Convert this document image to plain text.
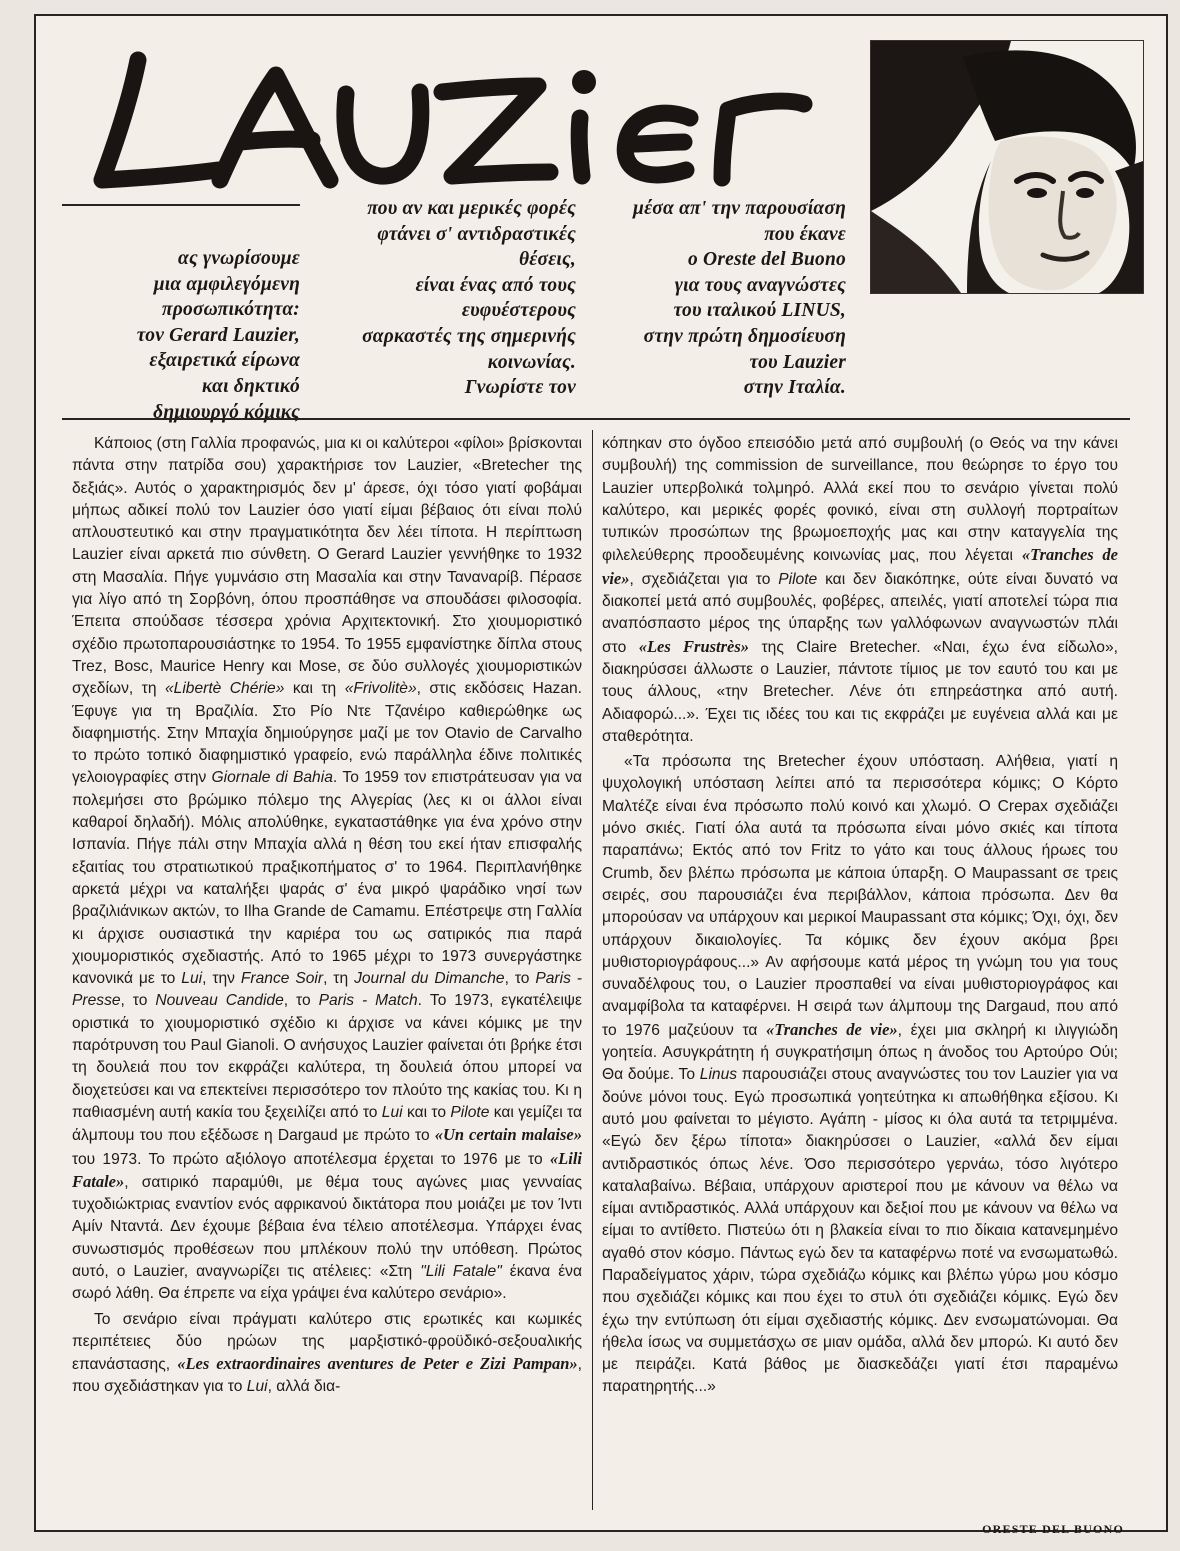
ας γνωρίσουμε
μια αμφιλεγόμενη
προσωπικότητα:
τον Gerard Lauzier,
εξαιρετικά είρωνα
και δηκτικό
δημιουργό κόμικς
που αν και μερικές φορές
φτάνει σ' αντιδραστικές
θέσεις,
είναι ένας από τους
ευφυέστερους
σαρκαστές της σημερινής
κοινωνίας.
Γνωρίστε τον
μέσα απ' την παρουσίαση
που έκανε
ο Oreste del Buono
για τους αναγνώστες
του ιταλικού LINUS,
στην πρώτη δημοσίευση
του Lauzier
στην Ιταλία.

Κάποιος (στη Γαλλία προφανώς, μια κι οι καλύτεροι «φίλοι» βρίσκονται πάντα στην πατρίδα σου) χαρακτήρισε τον Lauzier, «Bretecher της δεξιάς». Αυτός ο χαρακτηρισμός δεν μ' άρεσε, όχι τόσο γιατί φοβάμαι μήπως αδικεί πολύ τον Lauzier όσο γιατί είμαι βέβαιος ότι είναι πολύ απλουστευτικό και στην πραγματικότητα δεν λέει τίποτα. Η περίπτωση Lauzier είναι αρκετά πιο σύνθετη. Ο Gerard Lauzier γεννήθηκε το 1932 στη Μασαλία. Πήγε γυμνάσιο στη Μασαλία και στην Ταναναρίβ. Πέρασε για λίγο από τη Σορβόνη, όπου προσπάθησε να σπουδάσει φιλοσοφία. Έπειτα σπούδασε τέσσερα χρόνια Αρχιτεκτονική. Στο χιουμοριστικό σχέδιο πρωτοπαρουσιάστηκε το 1954. Το 1955 εμφανίστηκε δίπλα στους Trez, Bosc, Maurice Henry και Mose, σε δύο συλλογές χιουμοριστικών σχεδίων, τη «Libertè Chérie» και τη «Frivolitè», στις εκδόσεις Hazan. Έφυγε για τη Βραζιλία. Στο Ρίο Ντε Τζανέιρο καθιερώθηκε ως διαφημιστής. Στην Μπαχία δημιούργησε μαζί με τον Otavio de Carvalho το πρώτο τοπικό διαφημιστικό γραφείο, ενώ παράλληλα έδινε πολιτικές γελοιογραφίες στην Giornale di Bahia. Το 1959 τον επιστράτευσαν για να πολεμήσει στο βρώμικο πόλεμο της Αλγερίας (λες κι οι άλλοι είναι καθαροί δηλαδή). Μόλις απολύθηκε, εγκαταστάθηκε για ένα χρόνο στην Ισπανία. Πήγε πάλι στην Μπαχία αλλά η θέση του εκεί ήταν επισφαλής εξαιτίας του στρατιωτικού πραξικοπήματος σ' το 1964. Περιπλανήθηκε αρκετά μέχρι να καταλήξει ψαράς σ' ένα μικρό ψαράδικο νησί των βραζιλιάνικων ακτών, το Ilha Grande de Camamu. Επέστρεψε στη Γαλλία κι άρχισε ουσιαστικά την καριέρα του ως σατιρικός πια παρά χιουμοριστικός σχεδιαστής. Από το 1965 μέχρι το 1973 συνεργάστηκε κανονικά με το Lui, την France Soir, τη Journal du Dimanche, το Paris - Presse, το Nouveau Candide, το Paris - Match. Το 1973, εγκατέλειψε οριστικά το χιουμοριστικό σχέδιο κι άρχισε να κάνει κόμικς με την παρότρυνση του Paul Gianoli. Ο ανήσυχος Lauzier φαίνεται ότι βρήκε έτσι τη δουλειά που τον εκφράζει καλύτερα, τη δουλειά όπου μπορεί να διοχετεύσει και να επεκτείνει περισσότερο τον πλούτο της κακίας του. Κι η παθιασμένη αυτή κακία του ξεχειλίζει από το Lui και το Pilote και γεμίζει τα άλμπουμ του που εξέδωσε η Dargaud με πρώτο το «Un certain malaise» του 1973. Το πρώτο αξιόλογο αποτέλεσμα έρχεται το 1976 με το «Lili Fatale», σατιρικό παραμύθι, με θέμα τους αγώνες μιας γενναίας τυχοδιώκτριας εναντίον ενός αφρικανού δικτάτορα που μοιάζει με τον Ίντι Αμίν Νταντά. Δεν έχουμε βέβαια ένα τέλειο αποτέλεσμα. Υπάρχει ένας συνωστισμός προθέσεων που μπλέκουν πολύ την υπόθεση. Πρώτος αυτό, ο Lauzier, αναγνωρίζει τις ατέλειες: «Στη "Lili Fatale" έκανα ένα σωρό λάθη. Θα έπρεπε να είχα γράψει ένα καλύτερο σενάριο».

Το σενάριο είναι πράγματι καλύτερο στις ερωτικές και κωμικές περιπέτειες δύο ηρώων της μαρξιστικό-φροϋδικό-σεξουαλικής επανάστασης, «Les extraordinaires aventures de Peter e Zizi Pampan», που σχεδιάστηκαν για το Lui, αλλά δια-

κόπηκαν στο όγδοο επεισόδιο μετά από συμβουλή (ο Θεός να την κάνει συμβουλή) της commission de surveillance, που θεώρησε το έργο του Lauzier υπερβολικά τολμηρό. Αλλά εκεί που το σενάριο γίνεται πολύ καλύτερο, και μερικές φορές φονικό, είναι στη συλλογή πορτραίτων τυπικών προσώπων της βρωμοεποχής μας και στην καταγγελία της φιλελεύθερης προοδευμένης κοινωνίας μας, που λέγεται «Tranches de vie», σχεδιάζεται για το Pilote και δεν διακόπηκε, ούτε είναι δυνατό να διακοπεί μετά από συμβουλές, φοβέρες, απειλές, γιατί αποτελεί τώρα πια αναπόσπαστο μέρος της ύπαρξης των γαλλόφωνων αναγνωστών πλάι στο «Les Frustrès» της Claire Bretecher. «Ναι, έχω ένα είδωλο», διακηρύσσει άλλωστε ο Lauzier, πάντοτε τίμιος με τον εαυτό του και με τους άλλους, «την Bretecher. Λένε ότι επηρεάστηκα από αυτή. Αδιαφορώ...». Έχει τις ιδέες του και τις εκφράζει με ευγένεια αλλά και με σταθερότητα.

«Τα πρόσωπα της Bretecher έχουν υπόσταση. Αλήθεια, γιατί η ψυχολογική υπόσταση λείπει από τα περισσότερα κόμικς; Ο Κόρτο Μαλτέζε είναι ένα πρόσωπο πολύ κοινό και χλωμό. Ο Crepax σχεδιάζει μόνο σκιές. Γιατί όλα αυτά τα πρόσωπα είναι μόνο σκιές και τίποτα παραπάνω; Εκτός από τον Fritz το γάτο και τους άλλους ήρωες του Crumb, δεν βλέπω πρόσωπα με κάποια ύπαρξη. Ο Maupassant σε τρεις σειρές, σου παρουσιάζει ένα περιβάλλον, κάποια πρόσωπα. Δεν θα μπορούσαν να υπάρχουν και μερικοί Maupassant στα κόμικς; Όχι, όχι, δεν υπάρχουν δικαιολογίες. Τα κόμικς δεν έχουν ακόμα βρει μυθιστοριογράφους...» Αν αφήσουμε κατά μέρος τη γνώμη του για τους συναδέλφους του, ο Lauzier προσπαθεί να είναι μυθιστοριογράφος και αναμφίβολα τα καταφέρνει. Η σειρά των άλμπουμ της Dargaud, που από το 1976 μαζεύουν τα «Tranches de vie», έχει μια σκληρή κι ιλιγγιώδη γοητεία. Ασυγκράτητη ή συγκρατήσιμη όπως η άνοδος του Αρτούρο Ούι; Θα δούμε. Το Linus παρουσιάζει στους αναγνώστες του τον Lauzier για να δούνε μόνοι τους. Εγώ προσωπικά γοητεύτηκα κι απωθήθηκα εξίσου. Κι αυτό μου φαίνεται το μέγιστο. Αγάπη - μίσος κι όλα αυτά τα τετριμμένα. «Εγώ δεν ξέρω τίποτα» διακηρύσσει ο Lauzier, «αλλά δεν είμαι αντιδραστικός όπως λένε. Όσο περισσότερο γερνάω, τόσο λιγότερο καταλαβαίνω. Βέβαια, υπάρχουν αριστεροί που με κάνουν να θέλω να είμαι αντιδραστικός. Αλλά υπάρχουν και δεξιοί που με κάνουν να θέλω να είμαι το αντίθετο. Πιστεύω ότι η βλακεία είναι το πιο δίκαια κατανεμημένο αγαθό στον κόσμο. Πάντως εγώ δεν τα καταφέρνω ποτέ να ενσωματωθώ. Παραδείγματος χάριν, τώρα σχεδιάζω κόμικς και βλέπω γύρω μου κόσμο που σχεδιάζει κόμικς και που έχει το στυλ ότι σχεδιάζει κόμικς. Εγώ δεν έχω την εντύπωση ότι είμαι σχεδιαστής κόμικς. Δεν ενσωματώνομαι. Θα ήθελα ίσως να συμμετάσχω σε μιαν ομάδα, αλλά δεν μπορώ. Κι αυτό δεν με πειράζει. Κατά βάθος με διασκεδάζει γιατί έτσι παραμένω παρατηρητής...»

ORESTE DEL BUONO
